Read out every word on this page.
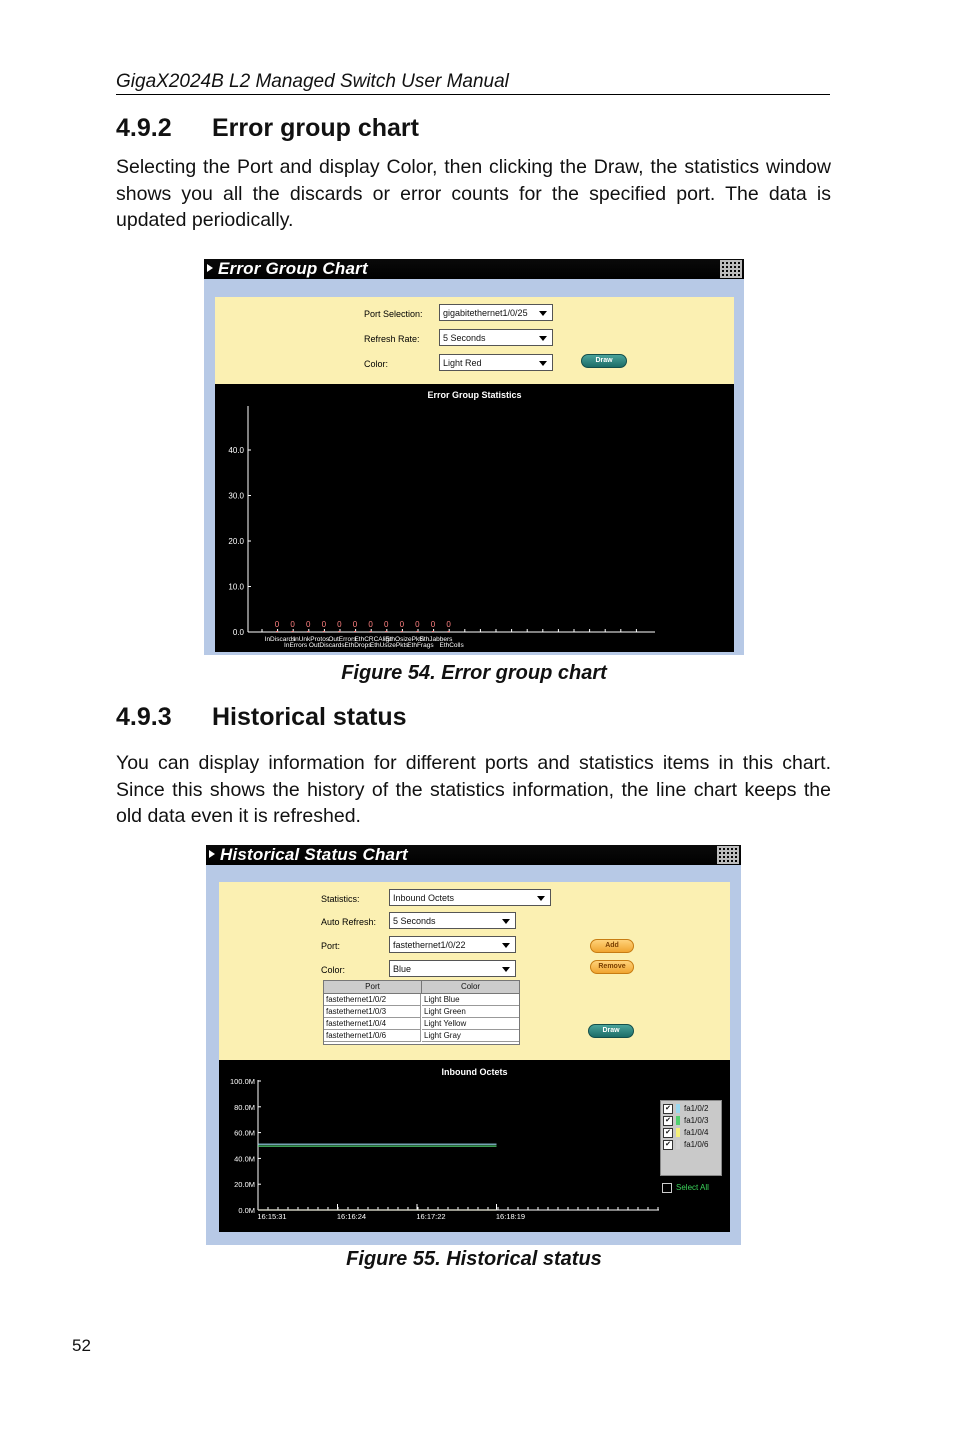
GigaX2024B L2 Managed Switch User Manual
4.9.2 Error group chart
Selecting the Port and display Color, then clicking the Draw, the statistics window shows you all the discards or error counts for the specified port. The data is updated periodically.
Error Group Chart
Port Selection:	gigabitethernet1/0/25
Refresh Rate:	5 Seconds
Color:	Light Red	Draw
Error Group Statistics
0.0
10.0
20.0
30.0
40.0
0
InDiscards
0
InErrors
0
InUnkProtos
0
OutDiscards
0
OutErrors
0
EthDrops
0
EthCRCAlign
0
EthUsizePkts
0
EthOsizePkts
0
EthFrags
0
EthJabbers
0
EthColls
Figure 54. Error group chart
4.9.3 Historical status
You can display information for different ports and statistics items in this chart. Since this shows the history of the statistics information, the line chart keeps the old data even it is refreshed.
Historical Status Chart
Statistics:	Inbound Octets
Auto Refresh:	5 Seconds
Port:	fastethernet1/0/22
Color:	Blue
Add
Remove
Draw
Port	Color
fastethernet1/0/2	Light Blue
fastethernet1/0/3	Light Green
fastethernet1/0/4	Light Yellow
fastethernet1/0/6	Light Gray
Inbound Octets
0.0M
20.0M
40.0M
60.0M
80.0M
100.0M
16:15:31	16:16:24	16:17:22	16:18:19
✔ fa1/0/2
✔ fa1/0/3
✔ fa1/0/4
✔ fa1/0/6
Select All
Figure 55. Historical status
52
